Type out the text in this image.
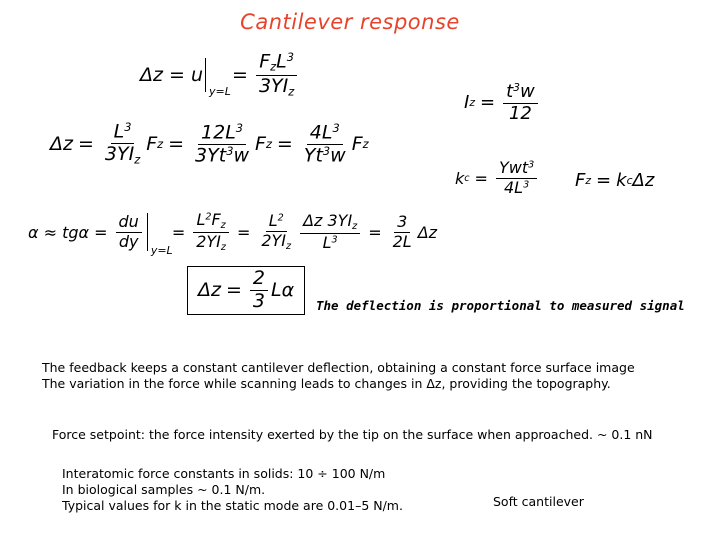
Cantilever response
Δz = u
y=L
= $\frac{F_zL^3}{3YI_z}$
$\Delta z = \frac{L^3}{3YI_z}$ F $z = \frac{12L^3}{3Yt^3w}$ F $z = \frac{4L^3}{Yt^3w}$ F z
I $z = \frac{t^3w}{12}$
k $c = \frac{Ywt^3}{4L^3}$ F z = k c Δz
$\alpha \approx tg\alpha = \frac{du}{dy}$
y=L
= $\frac{L^2F_z}{2YI_z} = \frac{L^2}{2YI_z} \frac{\Delta z 3YI_z}{L^3} = \frac{3}{2L}$ Δz
$\Delta z = \frac{2}{3}$ Lα
The deflection is proportional to measured signal
The feedback keeps a constant cantilever deflection, obtaining a constant force surface image
The variation in the force while scanning leads to changes in Δz, providing the topography.
Force setpoint: the force intensity exerted by the tip on the surface when approached. ~ 0.1 nN
Interatomic force constants in solids: 10 ÷ 100 N/m
In biological samples ~ 0.1 N/m.
Typical values for k in the static mode are 0.01–5 N/m.	Soft cantilever
